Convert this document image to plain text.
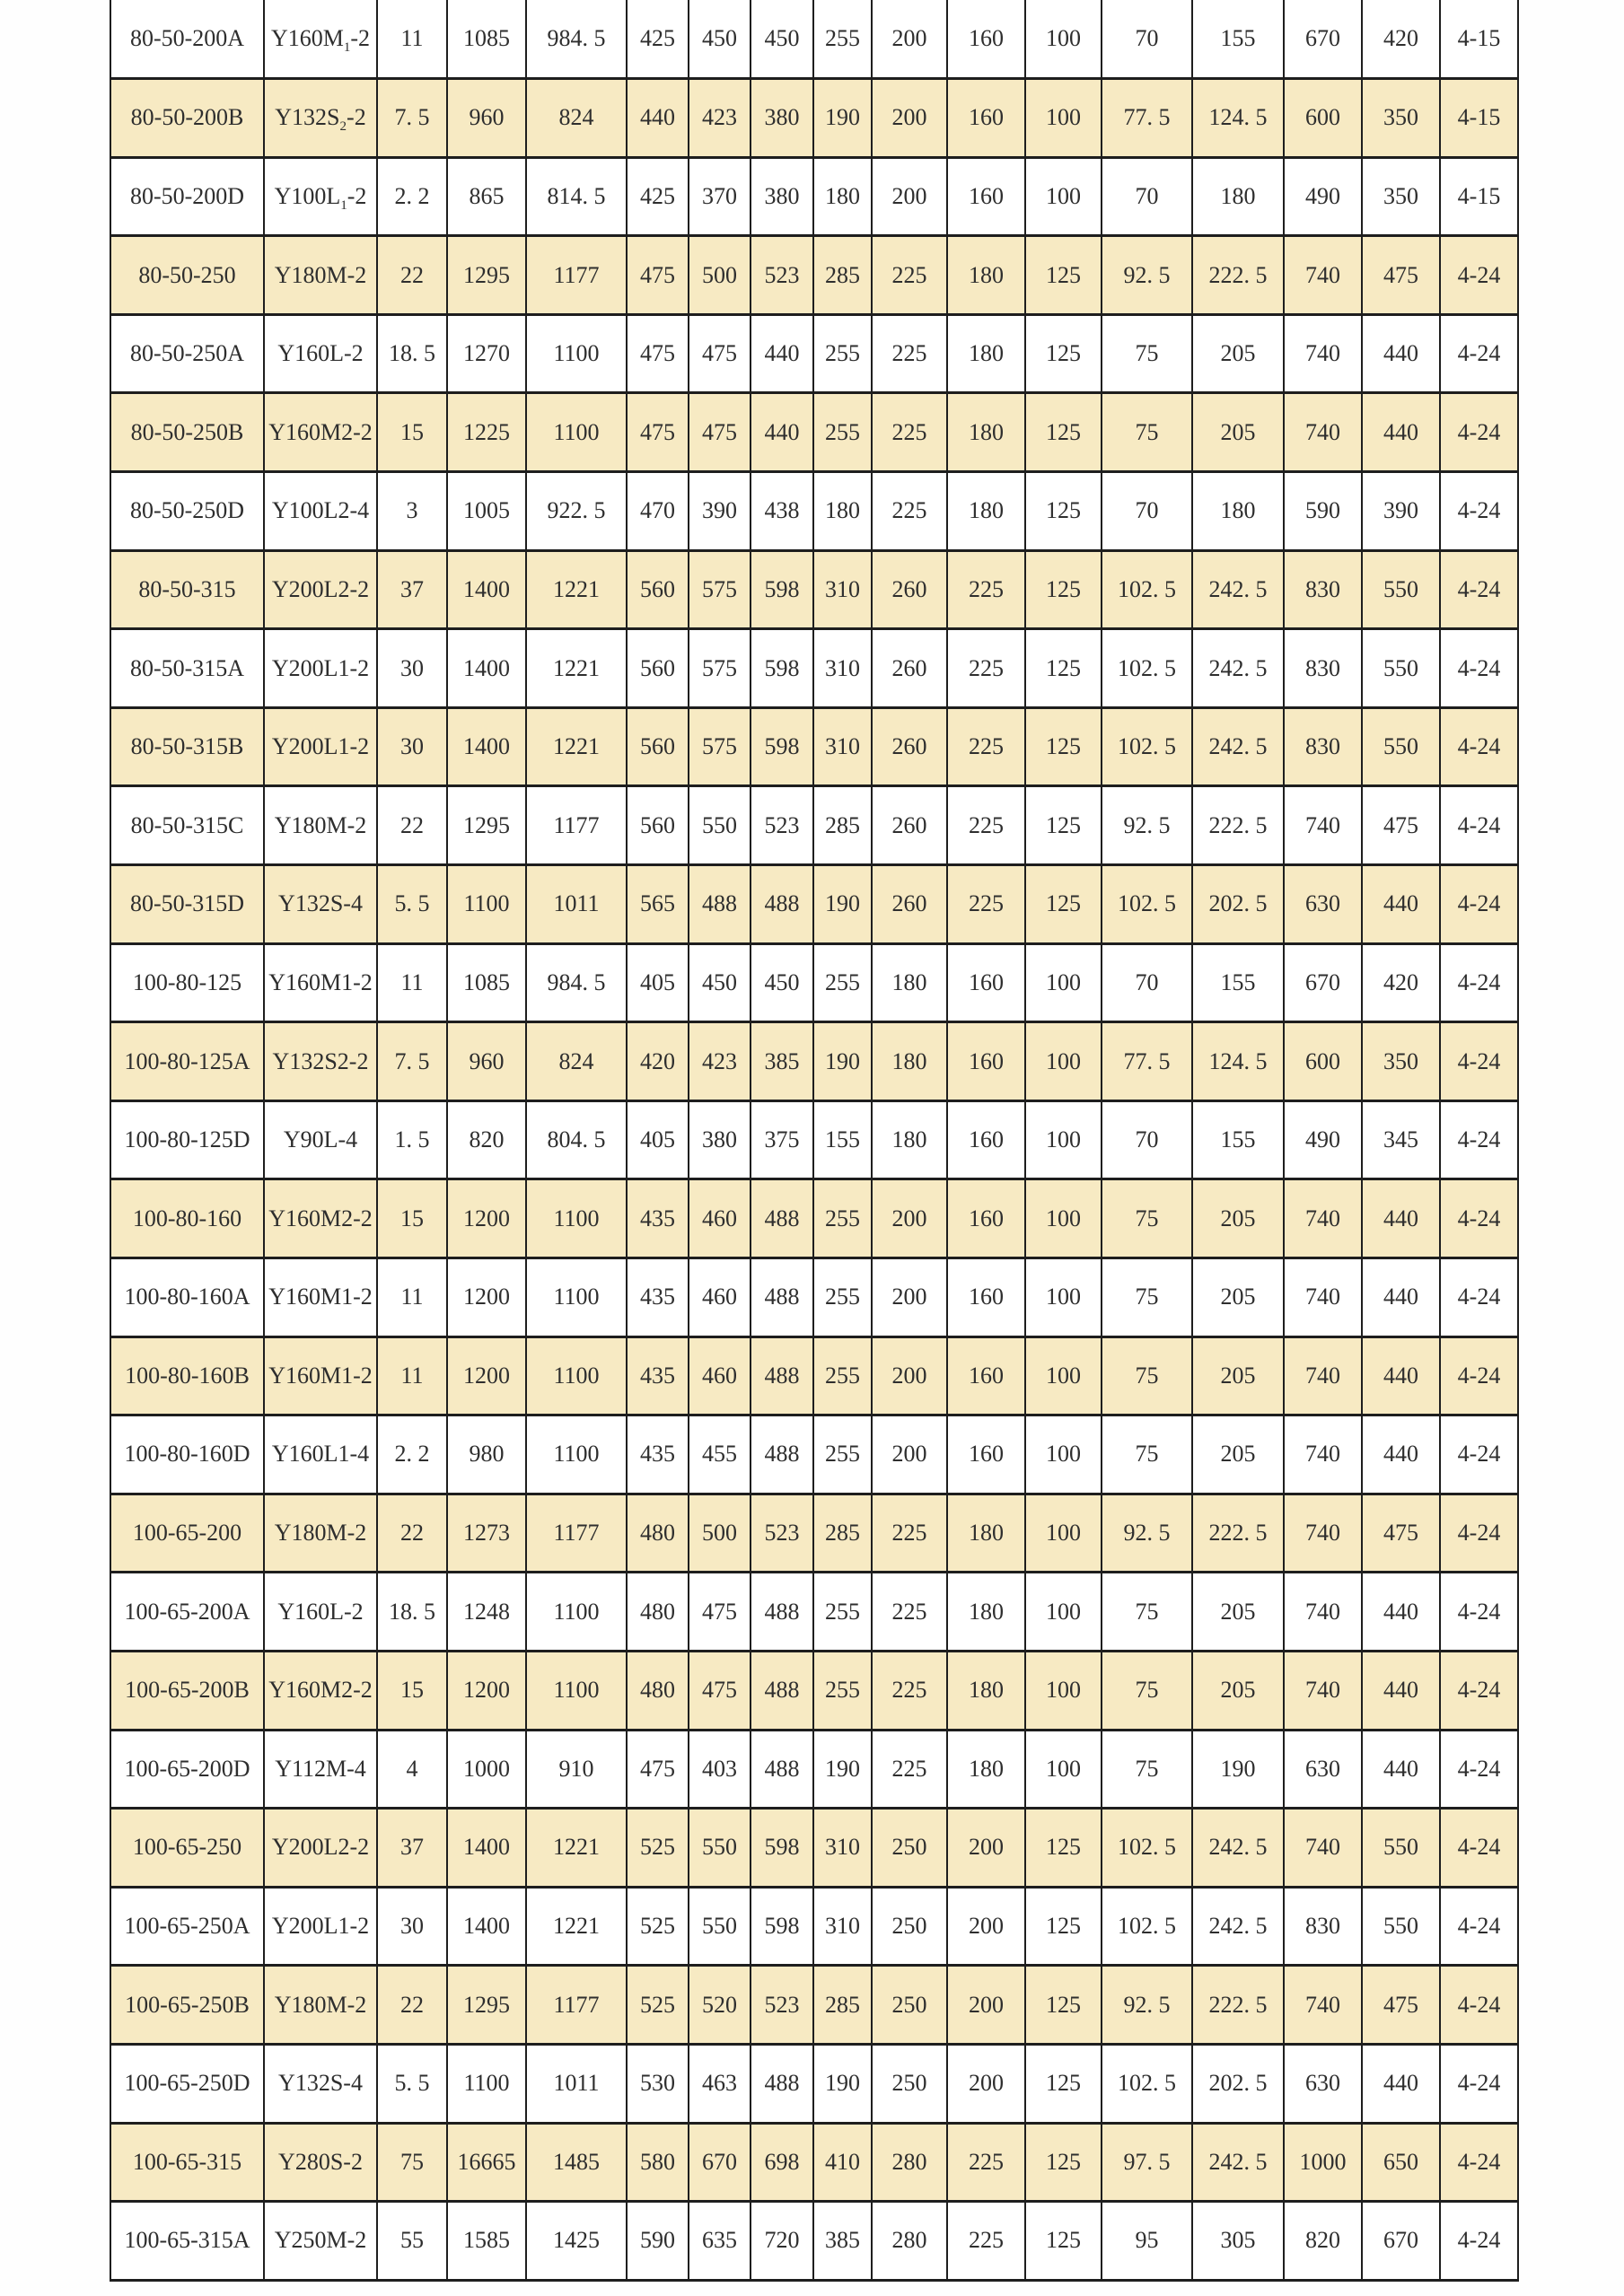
80-50-200A	$Y160M_1-2$	11	1085	984. 5	425	450	450	255	200	160	100	70	155	670	420	4-15
80-50-200B	$Y132S_2-2$	7. 5	960	824	440	423	380	190	200	160	100	77. 5	124. 5	600	350	4-15
80-50-200D	$Y100L_1-2$	2. 2	865	814. 5	425	370	380	180	200	160	100	70	180	490	350	4-15
80-50-250	Y180M-2	22	1295	1177	475	500	523	285	225	180	125	92. 5	222. 5	740	475	4-24
80-50-250A	Y160L-2	18. 5	1270	1100	475	475	440	255	225	180	125	75	205	740	440	4-24
80-50-250B	Y160M2-2	15	1225	1100	475	475	440	255	225	180	125	75	205	740	440	4-24
80-50-250D	Y100L2-4	3	1005	922. 5	470	390	438	180	225	180	125	70	180	590	390	4-24
80-50-315	Y200L2-2	37	1400	1221	560	575	598	310	260	225	125	102. 5	242. 5	830	550	4-24
80-50-315A	Y200L1-2	30	1400	1221	560	575	598	310	260	225	125	102. 5	242. 5	830	550	4-24
80-50-315B	Y200L1-2	30	1400	1221	560	575	598	310	260	225	125	102. 5	242. 5	830	550	4-24
80-50-315C	Y180M-2	22	1295	1177	560	550	523	285	260	225	125	92. 5	222. 5	740	475	4-24
80-50-315D	Y132S-4	5. 5	1100	1011	565	488	488	190	260	225	125	102. 5	202. 5	630	440	4-24
100-80-125	Y160M1-2	11	1085	984. 5	405	450	450	255	180	160	100	70	155	670	420	4-24
100-80-125A	Y132S2-2	7. 5	960	824	420	423	385	190	180	160	100	77. 5	124. 5	600	350	4-24
100-80-125D	Y90L-4	1. 5	820	804. 5	405	380	375	155	180	160	100	70	155	490	345	4-24
100-80-160	Y160M2-2	15	1200	1100	435	460	488	255	200	160	100	75	205	740	440	4-24
100-80-160A	Y160M1-2	11	1200	1100	435	460	488	255	200	160	100	75	205	740	440	4-24
100-80-160B	Y160M1-2	11	1200	1100	435	460	488	255	200	160	100	75	205	740	440	4-24
100-80-160D	Y160L1-4	2. 2	980	1100	435	455	488	255	200	160	100	75	205	740	440	4-24
100-65-200	Y180M-2	22	1273	1177	480	500	523	285	225	180	100	92. 5	222. 5	740	475	4-24
100-65-200A	Y160L-2	18. 5	1248	1100	480	475	488	255	225	180	100	75	205	740	440	4-24
100-65-200B	Y160M2-2	15	1200	1100	480	475	488	255	225	180	100	75	205	740	440	4-24
100-65-200D	Y112M-4	4	1000	910	475	403	488	190	225	180	100	75	190	630	440	4-24
100-65-250	Y200L2-2	37	1400	1221	525	550	598	310	250	200	125	102. 5	242. 5	740	550	4-24
100-65-250A	Y200L1-2	30	1400	1221	525	550	598	310	250	200	125	102. 5	242. 5	830	550	4-24
100-65-250B	Y180M-2	22	1295	1177	525	520	523	285	250	200	125	92. 5	222. 5	740	475	4-24
100-65-250D	Y132S-4	5. 5	1100	1011	530	463	488	190	250	200	125	102. 5	202. 5	630	440	4-24
100-65-315	Y280S-2	75	16665	1485	580	670	698	410	280	225	125	97. 5	242. 5	1000	650	4-24
100-65-315A	Y250M-2	55	1585	1425	590	635	720	385	280	225	125	95	305	820	670	4-24
